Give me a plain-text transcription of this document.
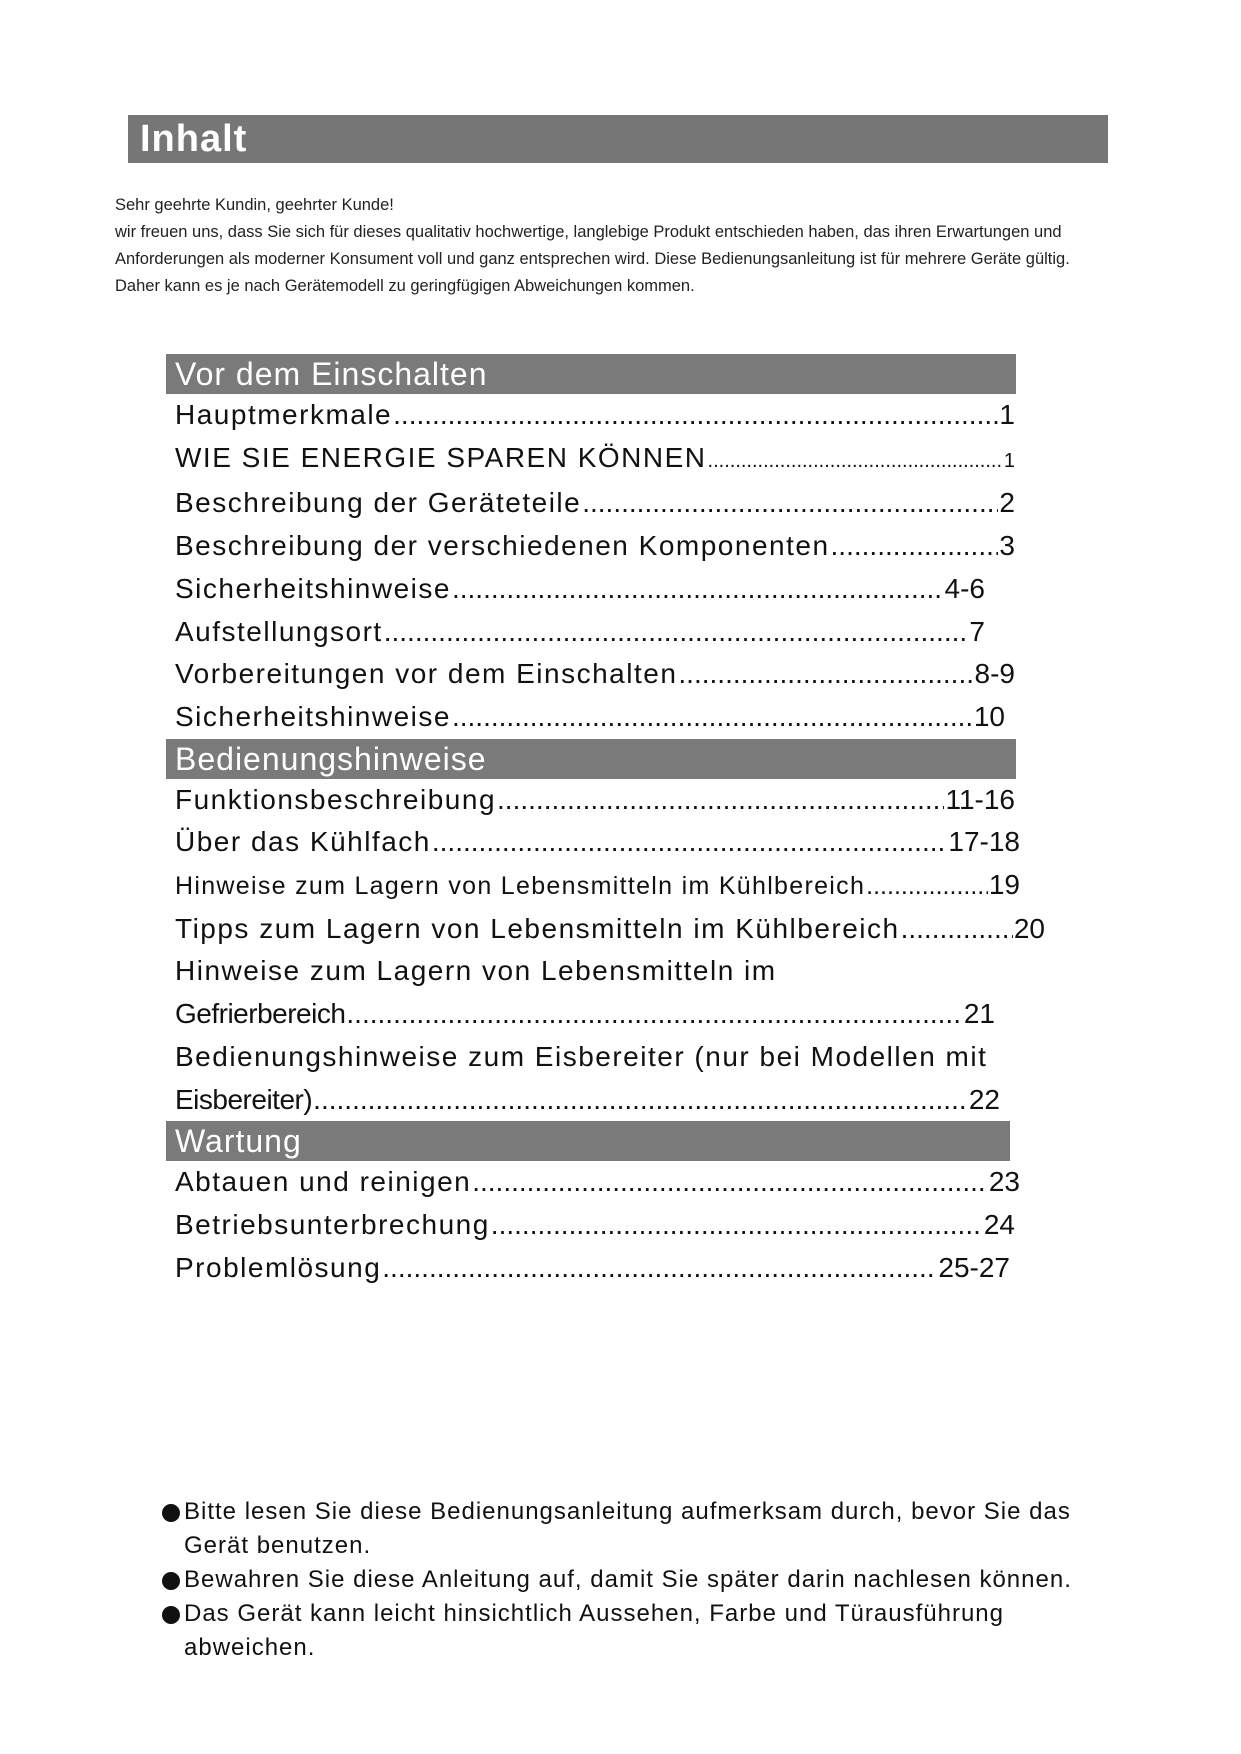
Inhalt

Sehr geehrte Kundin, geehrter Kunde!

wir freuen uns, dass Sie sich für dieses qualitativ hochwertige, langlebige Produkt entschieden haben, das ihren Erwartungen und

Anforderungen als moderner Konsument voll und ganz entsprechen wird. Diese Bedienungsanleitung ist für mehrere Geräte gültig.

Daher kann es je nach Gerätemodell zu geringfügigen Abweichungen kommen.

Vor dem Einschalten
Hauptmerkmale .....	1
WIE SIE ENERGIE SPAREN KÖNNEN .....	1
Beschreibung der Geräteteile .....	2
Beschreibung der verschiedenen Komponenten .....	3
Sicherheitshinweise .....	4-6
Aufstellungsort .....	7
Vorbereitungen vor dem Einschalten .....	8-9
Sicherheitshinweise .....	10
Bedienungshinweise
Funktionsbeschreibung .....	11-16
Über das Kühlfach .....	17-18
Hinweise zum Lagern von Lebensmitteln im Kühlbereich .....	19
Tipps zum Lagern von Lebensmitteln im Kühlbereich .....	20
Hinweise zum Lagern von Lebensmitteln im
Gefrierbereich .....	21
Bedienungshinweise zum Eisbereiter (nur bei Modellen mit
Eisbereiter) .....	22
Wartung
Abtauen und reinigen .....	23
Betriebsunterbrechung .....	24
Problemlösung .....	25-27
Bitte lesen Sie diese Bedienungsanleitung aufmerksam durch, bevor Sie das Gerät benutzen.
Bewahren Sie diese Anleitung auf, damit Sie später darin nachlesen können.
Das Gerät kann leicht hinsichtlich Aussehen, Farbe und Türausführung abweichen.
